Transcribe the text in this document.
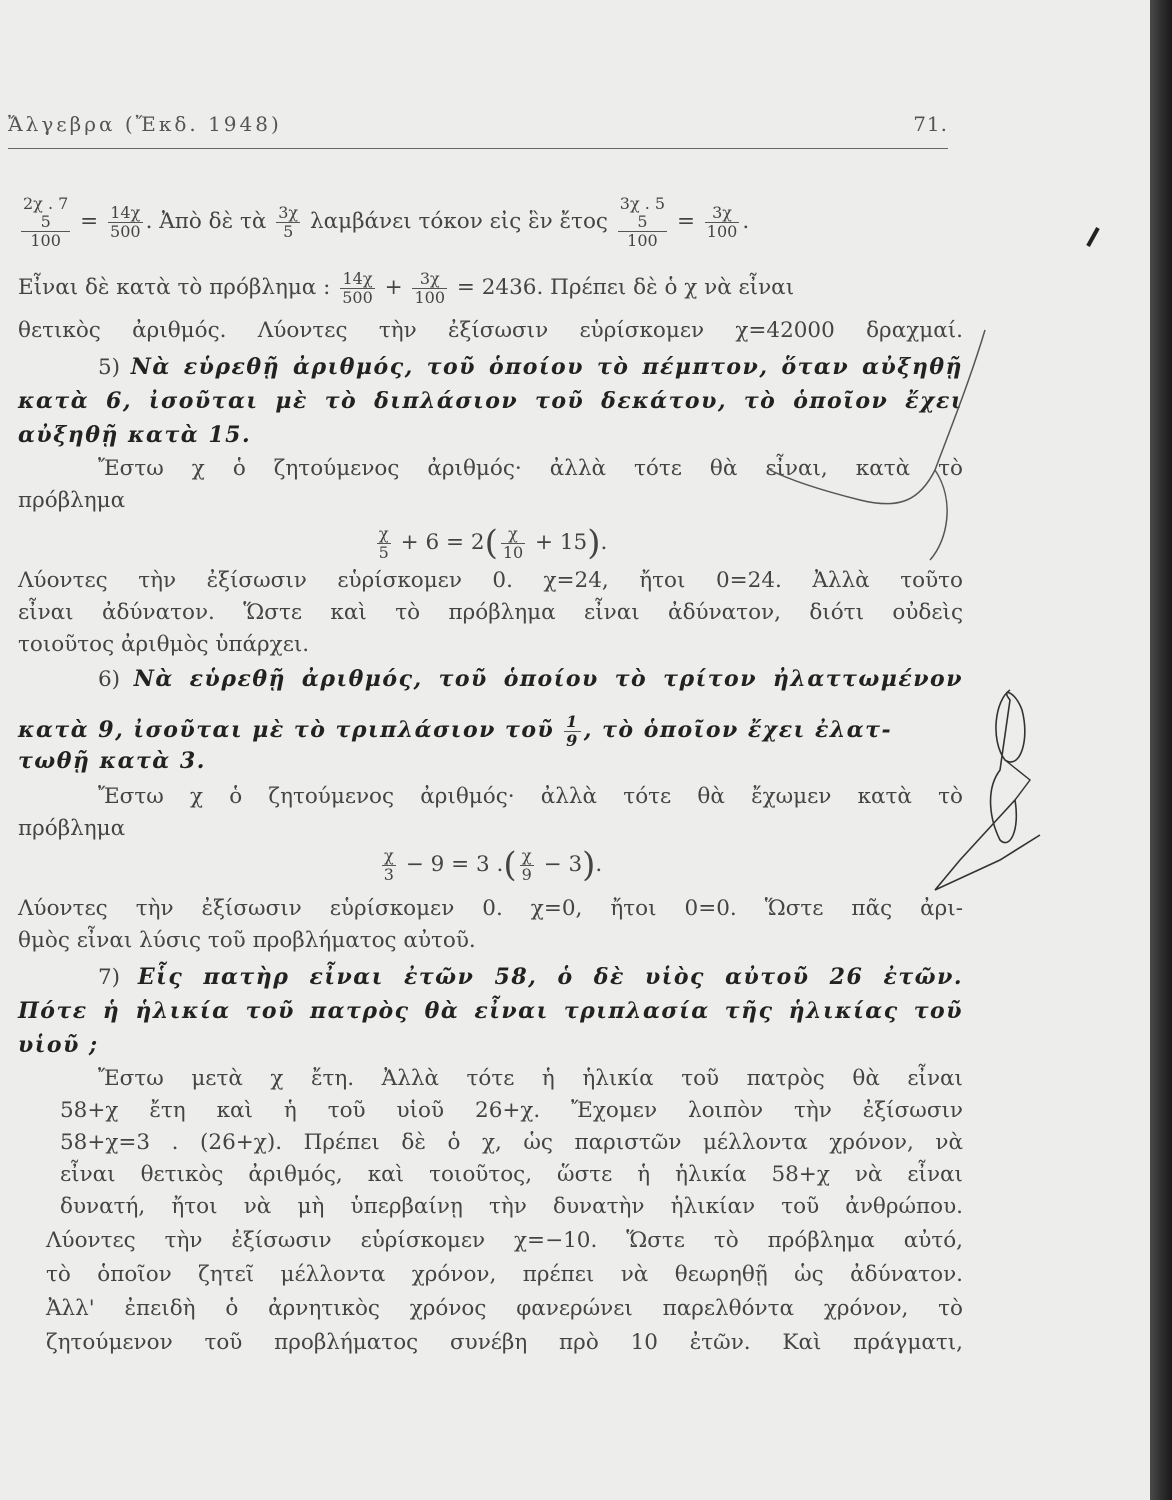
Ἄλγεβρα (Ἔκδ. 1948)	71.
2χ . 7
5
100
= $\frac{14\chi}{500}$ . Ἀπὸ δὲ τὰ $\frac{3\chi}{5}$ λαμβάνει τόκον εἰς ἓν ἔτος
3χ . 5
5
100
= $\frac{3\chi}{100}$ .
Εἶναι δὲ κατὰ τὸ πρόβλημα : $\frac{14\chi}{500} + \frac{3\chi}{100} = 2436$. Πρέπει δὲ ὁ χ νὰ εἶναι
θετικὸς ἀριθμός. Λύοντες τὴν ἐξίσωσιν εὑρίσκομεν χ=42000 δραχμαί.
5) Νὰ εὑρεθῇ ἀριθμός, τοῦ ὁποίου τὸ πέμπτον, ὅταν αὐξηθῇ
κατὰ 6, ἰσοῦται μὲ τὸ διπλάσιον τοῦ δεκάτου, τὸ ὁποῖον ἔχει
αὐξηθῇ κατὰ 15.
Ἔστω χ ὁ ζητούμενος ἀριθμός· ἀλλὰ τότε θὰ εἶναι, κατὰ τὸ
πρόβλημα
$\frac{\chi}{5} + 6 = 2( \frac{\chi}{10} + 15)$.
Λύοντες τὴν ἐξίσωσιν εὑρίσκομεν 0. χ=24, ἤτοι 0=24. Ἀλλὰ τοῦτο
εἶναι ἀδύνατον. Ὥστε καὶ τὸ πρόβλημα εἶναι ἀδύνατον, διότι οὐδεὶς
τοιοῦτος ἀριθμὸς ὑπάρχει.
6) Νὰ εὑρεθῇ ἀριθμός, τοῦ ὁποίου τὸ τρίτον ἠλαττωμένον
κατὰ 9, ἰσοῦται μὲ τὸ τριπλάσιον τοῦ $\frac{1}{9}$ , τὸ ὁποῖον ἔχει ἐλατ-
τωθῇ κατὰ 3.
Ἔστω χ ὁ ζητούμενος ἀριθμός· ἀλλὰ τότε θὰ ἔχωμεν κατὰ τὸ
πρόβλημα
$\frac{\chi}{3} - 9 = 3$ .( $\frac{\chi}{9} - 3$).
Λύοντες τὴν ἐξίσωσιν εὑρίσκομεν 0. χ=0, ἤτοι 0=0. Ὥστε πᾶς ἀρι-
θμὸς εἶναι λύσις τοῦ προβλήματος αὐτοῦ.
7) Εἷς πατὴρ εἶναι ἐτῶν 58, ὁ δὲ υἱὸς αὐτοῦ 26 ἐτῶν.
Πότε ἡ ἡλικία τοῦ πατρὸς θὰ εἶναι τριπλασία τῆς ἡλικίας τοῦ
υἱοῦ ;
Ἔστω μετὰ χ ἔτη. Ἀλλὰ τότε ἡ ἡλικία τοῦ πατρὸς θὰ εἶναι
58+χ ἔτη καὶ ἡ τοῦ υἱοῦ 26+χ. Ἔχομεν λοιπὸν τὴν ἐξίσωσιν
58+χ=3 . (26+χ). Πρέπει δὲ ὁ χ, ὡς παριστῶν μέλλοντα χρόνον, νὰ
εἶναι θετικὸς ἀριθμός, καὶ τοιοῦτος, ὥστε ἡ ἡλικία 58+χ νὰ εἶναι
δυνατή, ἤτοι νὰ μὴ ὑπερβαίνῃ τὴν δυνατὴν ἡλικίαν τοῦ ἀνθρώπου.
Λύοντες τὴν ἐξίσωσιν εὑρίσκομεν χ=−10. Ὥστε τὸ πρόβλημα αὐτό,
τὸ ὁποῖον ζητεῖ μέλλοντα χρόνον, πρέπει νὰ θεωρηθῇ ὡς ἀδύνατον.
Ἀλλ' ἐπειδὴ ὁ ἀρνητικὸς χρόνος φανερώνει παρελθόντα χρόνον, τὸ
ζητούμενον τοῦ προβλήματος συνέβη πρὸ 10 ἐτῶν. Καὶ πράγματι,
